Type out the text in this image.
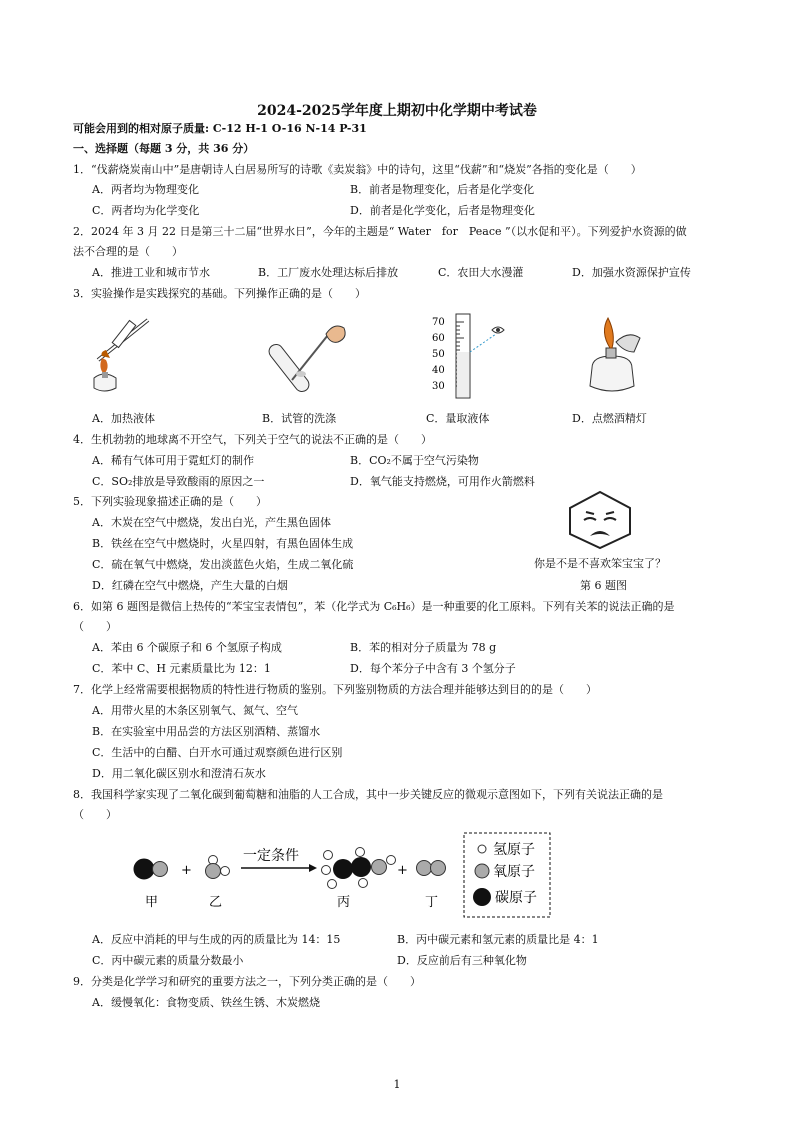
2024-2025学年度上期初中化学期中考试卷
可能会用到的相对原子质量: C-12 H-1 O-16 N-14 P-31
一、选择题（每题 3 分，共 36 分）
1．“伐薪烧炭南山中”是唐朝诗人白居易所写的诗歌《卖炭翁》中的诗句，这里“伐薪”和“烧炭”各指的变化是（　　）
A．两者均为物理变化	B．前者是物理变化，后者是化学变化
C．两者均为化学变化	D．前者是化学变化，后者是物理变化
2．2024 年 3 月 22 日是第三十二届“世界水日”，今年的主题是“ Water　for　Peace ”（以水促和平）。下列爱护水资源的做
法不合理的是（　　）
A．推进工业和城市节水	B．工厂废水处理达标后排放	C．农田大水漫灌	D．加强水资源保护宣传
3．实验操作是实践探究的基础。下列操作正确的是（　　）
70
60
50
40
30
A．加热液体	B．试管的洗涤	C．量取液体	D．点燃酒精灯
4．生机勃勃的地球离不开空气，下列关于空气的说法不正确的是（　　）
A．稀有气体可用于霓虹灯的制作	B．CO₂不属于空气污染物
C．SO₂排放是导致酸雨的原因之一	D．氧气能支持燃烧，可用作火箭燃料
5．下列实验现象描述正确的是（　　）
A．木炭在空气中燃烧，发出白光，产生黑色固体
B．铁丝在空气中燃烧时，火星四射，有黑色固体生成
C．硫在氧气中燃烧，发出淡蓝色火焰，生成二氧化硫
D．红磷在空气中燃烧，产生大量的白烟
你是不是不喜欢笨宝宝了？
第 6 题图
6．如第 6 题图是微信上热传的“苯宝宝表情包”，苯（化学式为 C₆H₆）是一种重要的化工原料。下列有关苯的说法正确的是
（　　）
A．苯由 6 个碳原子和 6 个氢原子构成	B．苯的相对分子质量为 78 g
C．苯中 C、H 元素质量比为 12：1	D．每个苯分子中含有 3 个氢分子
7．化学上经常需要根据物质的特性进行物质的鉴别。下列鉴别物质的方法合理并能够达到目的的是（　　）
A．用带火星的木条区别氧气、氮气、空气
B．在实验室中用品尝的方法区别酒精、蒸馏水
C．生活中的白醋、白开水可通过观察颜色进行区别
D．用二氧化碳区别水和澄清石灰水
8．我国科学家实现了二氧化碳到葡萄糖和油脂的人工合成，其中一步关键反应的微观示意图如下，下列有关说法正确的是
（　　）
+
一定条件
+
甲	乙	丙	丁
氢原子
氧原子
碳原子
A．反应中消耗的甲与生成的丙的质量比为 14：15	B．丙中碳元素和氢元素的质量比是 4：1
C．丙中碳元素的质量分数最小	D．反应前后有三种氧化物
9．分类是化学学习和研究的重要方法之一，下列分类正确的是（　　）
A．缓慢氧化：食物变质、铁丝生锈、木炭燃烧
1
